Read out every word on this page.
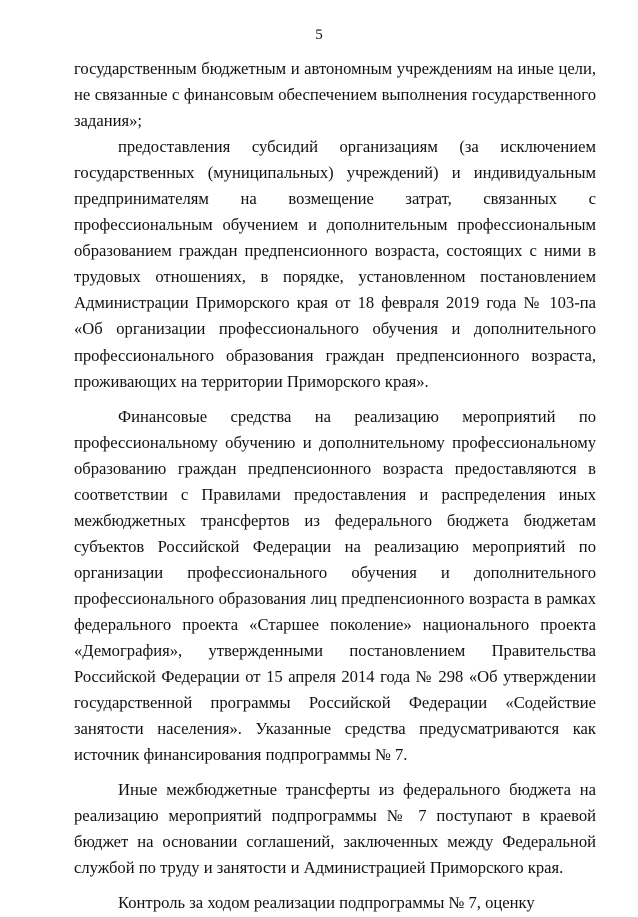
5

государственным бюджетным и автономным учреждениям на иные цели, не связанные с финансовым обеспечением выполнения государственного задания»;

предоставления субсидий организациям (за исключением государственных (муниципальных) учреждений) и индивидуальным предпринимателям на возмещение затрат, связанных с профессиональным обучением и дополнительным профессиональным образованием граждан предпенсионного возраста, состоящих с ними в трудовых отношениях, в порядке, установленном постановлением Администрации Приморского края от 18 февраля 2019 года № 103-па «Об организации профессионального обучения и дополнительного профессионального образования граждан предпенсионного возраста, проживающих на территории Приморского края».

Финансовые средства на реализацию мероприятий по профессиональному обучению и дополнительному профессиональному образованию граждан предпенсионного возраста предоставляются в соответствии с Правилами предоставления и распределения иных межбюджетных трансфертов из федерального бюджета бюджетам субъектов Российской Федерации на реализацию мероприятий по организации профессионального обучения и дополнительного профессионального образования лиц предпенсионного возраста в рамках федерального проекта «Старшее поколение» национального проекта «Демография», утвержденными постановлением Правительства Российской Федерации от 15 апреля 2014 года № 298 «Об утверждении государственной программы Российской Федерации «Содействие занятости населения». Указанные средства предусматриваются как источник финансирования подпрограммы № 7.

Иные межбюджетные трансферты из федерального бюджета на реализацию мероприятий подпрограммы № 7 поступают в краевой бюджет на основании соглашений, заключенных между Федеральной службой по труду и занятости и Администрацией Приморского края.

Контроль за ходом реализации подпрограммы № 7, оценку
